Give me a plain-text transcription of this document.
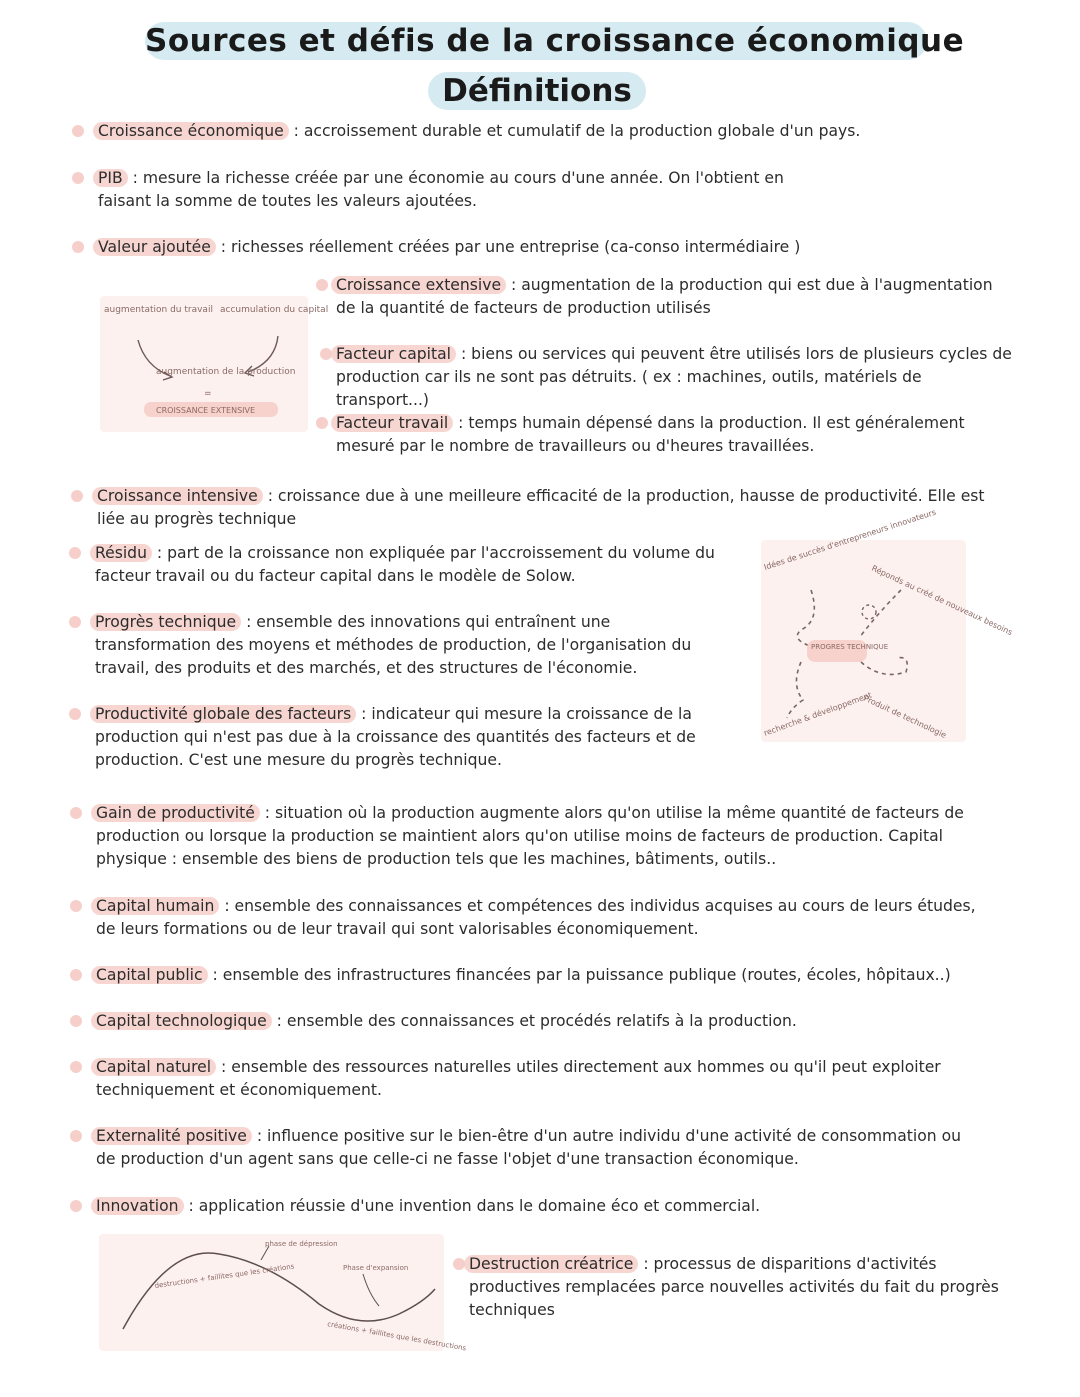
Sources et défis de la croissance économique
Définitions
Croissance économique : accroissement durable et cumulatif de la production globale d'un pays.
PIB : mesure la richesse créée par une économie au cours d'une année. On l'obtient en faisant la somme de toutes les valeurs ajoutées.
Valeur ajoutée : richesses réellement créées par une entreprise (ca-conso intermédiaire )
Croissance extensive : augmentation de la production qui est due à l'augmentation de la quantité de facteurs de production utilisés
Facteur capital : biens ou services qui peuvent être utilisés lors de plusieurs cycles de production car ils ne sont pas détruits. ( ex : machines, outils, matériels de transport...)
Facteur travail : temps humain dépensé dans la production. Il est généralement mesuré par le nombre de travailleurs ou d'heures travaillées.
Croissance intensive : croissance due à une meilleure efficacité de la production, hausse de productivité. Elle est liée au progrès technique
Résidu : part de la croissance non expliquée par l'accroissement du volume du facteur travail ou du facteur capital dans le modèle de Solow.
Progrès technique : ensemble des innovations qui entraînent une transformation des moyens et méthodes de production, de l'organisation du travail, des produits et des marchés, et des structures de l'économie.
Productivité globale des facteurs : indicateur qui mesure la croissance de la production qui n'est pas due à la croissance des quantités des facteurs et de production. C'est une mesure du progrès technique.
Gain de productivité : situation où la production augmente alors qu'on utilise la même quantité de facteurs de production ou lorsque la production se maintient alors qu'on utilise moins de facteurs de production. Capital physique : ensemble des biens de production tels que les machines, bâtiments, outils..
Capital humain : ensemble des connaissances et compétences des individus acquises au cours de leurs études, de leurs formations ou de leur travail qui sont valorisables économiquement.
Capital public : ensemble des infrastructures financées par la puissance publique (routes, écoles, hôpitaux..)
Capital technologique : ensemble des connaissances et procédés relatifs à la production.
Capital naturel : ensemble des ressources naturelles utiles directement aux hommes ou qu'il peut exploiter techniquement et économiquement.
Externalité positive : influence positive sur le bien-être d'un autre individu d'une activité de consommation ou de production d'un agent sans que celle-ci ne fasse l'objet d'une transaction économique.
Innovation : application réussie d'une invention dans le domaine éco et commercial.
Destruction créatrice : processus de disparitions d'activités productives remplacées parce nouvelles activités du fait du progrès techniques
augmentation du travail accumulation du capital
augmentation de la production
=
CROISSANCE EXTENSIVE
Idées de succès d'entrepreneurs innovateurs
Réponds au créé de nouveaux besoins
PROGRES TECHNIQUE
Produit de technologie
recherche & développement
phase de dépression
Phase d'expansion
destructions + faillites que les créations
créations + faillites que les destructions
